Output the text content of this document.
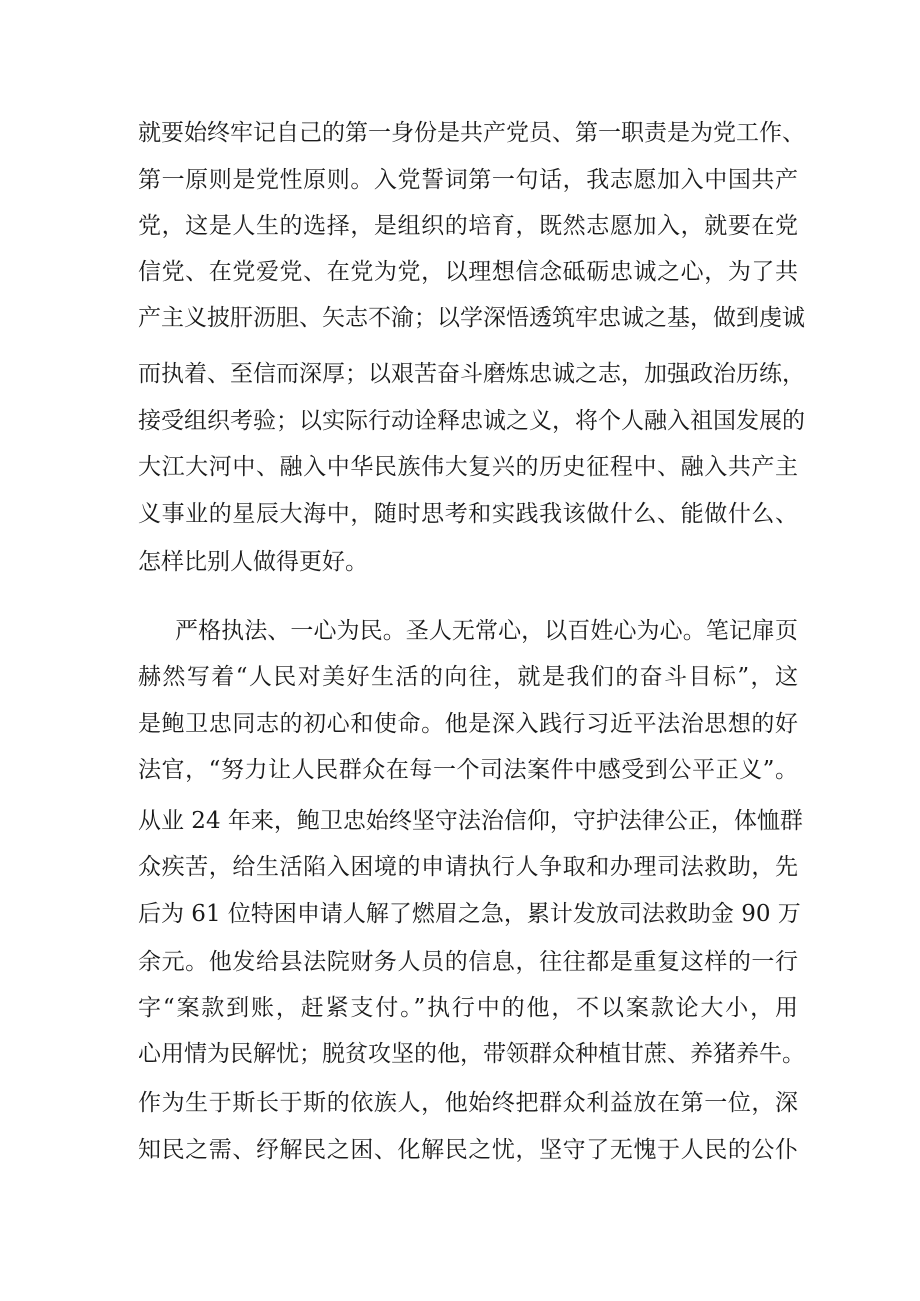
就要始终牢记自己的第一身份是共产党员、第一职责是为党工作、
第一原则是党性原则。入党誓词第一句话，我志愿加入中国共产
党，这是人生的选择，是组织的培育，既然志愿加入，就要在党
信党、在党爱党、在党为党，以理想信念砥砺忠诚之心，为了共
产主义披肝沥胆、矢志不渝；以学深悟透筑牢忠诚之基，做到虔诚
而执着、至信而深厚；以艰苦奋斗磨炼忠诚之志，加强政治历练，
接受组织考验；以实际行动诠释忠诚之义，将个人融入祖国发展的
大江大河中、融入中华民族伟大复兴的历史征程中、融入共产主
义事业的星辰大海中，随时思考和实践我该做什么、能做什么、
怎样比别人做得更好。
严格执法、一心为民。圣人无常心，以百姓心为心。笔记扉页
赫然写着“人民对美好生活的向往，就是我们的奋斗目标”，这
是鲍卫忠同志的初心和使命。他是深入践行习近平法治思想的好
法官，“努力让人民群众在每一个司法案件中感受到公平正义”。
从业 24 年来，鲍卫忠始终坚守法治信仰，守护法律公正，体恤群
众疾苦，给生活陷入困境的申请执行人争取和办理司法救助，先
后为 61 位特困申请人解了燃眉之急，累计发放司法救助金 90 万
余元。他发给县法院财务人员的信息，往往都是重复这样的一行
字“案款到账，赶紧支付。”执行中的他，不以案款论大小，用
心用情为民解忧；脱贫攻坚的他，带领群众种植甘蔗、养猪养牛。
作为生于斯长于斯的依族人，他始终把群众利益放在第一位，深
知民之需、纾解民之困、化解民之忧，坚守了无愧于人民的公仆
